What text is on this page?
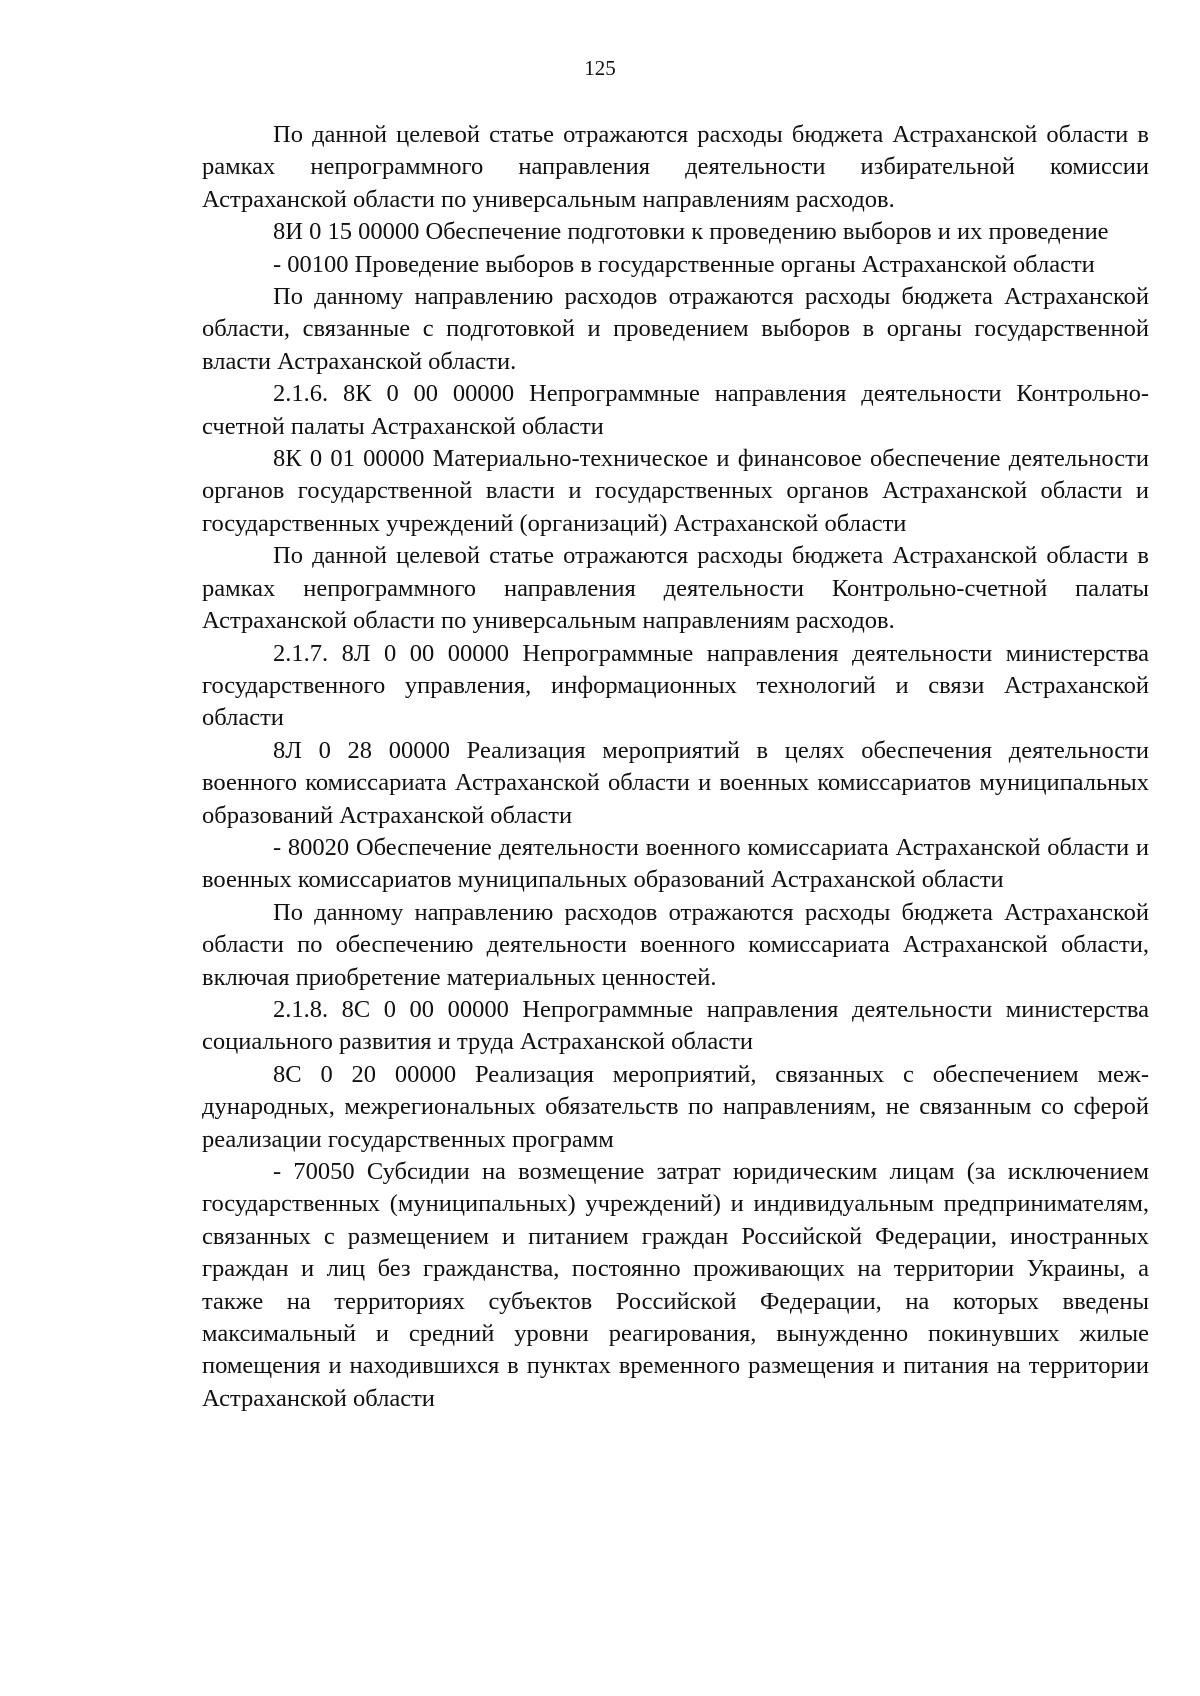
125

По данной целевой статье отражаются расходы бюджета Астраханской области в рамках непрограммного направления деятельности избирательной комиссии Астраханской области по универсальным направлениям расходов.

8И 0 15 00000 Обеспечение подготовки к проведению выборов и их проведение

- 00100 Проведение выборов в государственные органы Астраханской области

По данному направлению расходов отражаются расходы бюджета Астраханской области, связанные с подготовкой и проведением выборов в органы государственной власти Астраханской области.

2.1.6. 8К 0 00 00000 Непрограммные направления деятельности Контрольно-счетной палаты Астраханской области

8К 0 01 00000 Материально-техническое и финансовое обеспечение деятельности органов государственной власти и государственных органов Астраханской области и государственных учреждений (организаций) Астраханской области

По данной целевой статье отражаются расходы бюджета Астраханской области в рамках непрограммного направления деятельности Контрольно-счетной палаты Астраханской области по универсальным направлениям расходов.

2.1.7. 8Л 0 00 00000 Непрограммные направления деятельности министерства государственного управления, информационных технологий и связи Астраханской области

8Л 0 28 00000 Реализация мероприятий в целях обеспечения деятельности военного комиссариата Астраханской области и военных комиссариатов муниципальных образований Астраханской области

- 80020 Обеспечение деятельности военного комиссариата Астраханской области и военных комиссариатов муниципальных образований Астраханской области

По данному направлению расходов отражаются расходы бюджета Астраханской области по обеспечению деятельности военного комиссариата Астраханской области, включая приобретение материальных ценностей.

2.1.8. 8С 0 00 00000 Непрограммные направления деятельности министерства социального развития и труда Астраханской области

8С 0 20 00000 Реализация мероприятий, связанных с обеспечением международных, межрегиональных обязательств по направлениям, не связанным со сферой реализации государственных программ

- 70050 Субсидии на возмещение затрат юридическим лицам (за исключением государственных (муниципальных) учреждений) и индивидуальным предпринимателям, связанных с размещением и питанием граждан Российской Федерации, иностранных граждан и лиц без гражданства, постоянно проживающих на территории Украины, а также на территориях субъектов Российской Федерации, на которых введены максимальный и средний уровни реагирования, вынужденно покинувших жилые помещения и находившихся в пунктах временного размещения и питания на территории Астраханской области
